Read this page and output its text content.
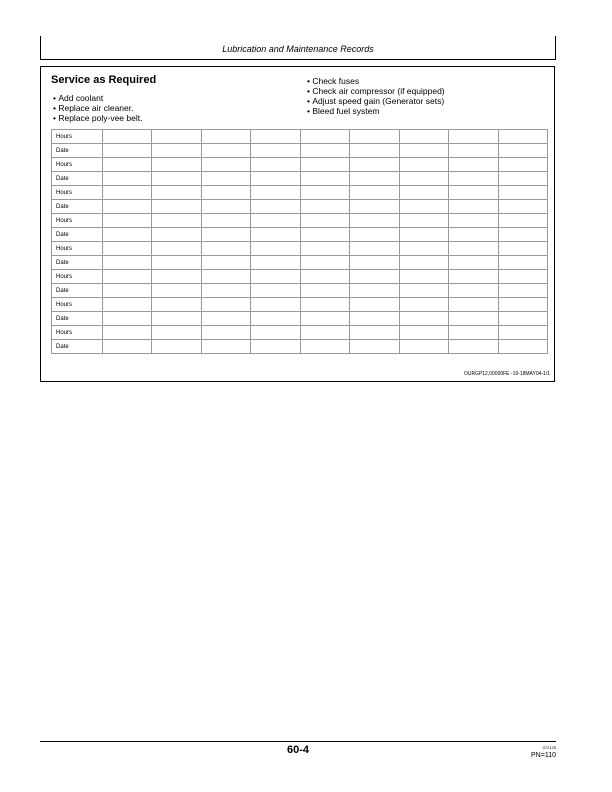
Lubrication and Maintenance Records
Service as Required
• Add coolant
• Replace air cleaner.
• Replace poly-vee belt.
• Check fuses
• Check air compressor (if equipped)
• Adjust speed gain (Generator sets)
• Bleed fuel system
Hours									
Date									
Hours									
Date									
Hours									
Date									
Hours									
Date									
Hours									
Date									
Hours									
Date									
Hours									
Date									
Hours									
Date									
OURGP12,00000FE -19-18MAY04-1/1
60-4	072125
PN=110
